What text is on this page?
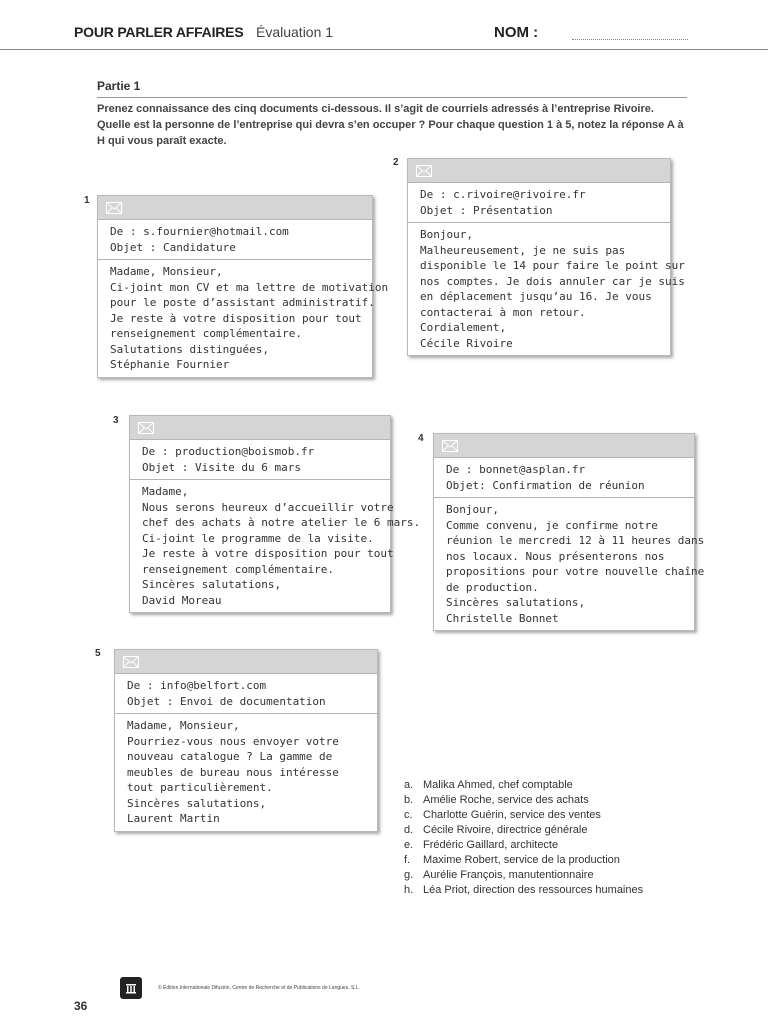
POUR PARLER AFFAIRES Évaluation 1	NOM :
Partie 1
Prenez connaissance des cinq documents ci-dessous. Il s’agit de courriels adressés à l’entreprise Rivoire. Quelle est la personne de l’entreprise qui devra s’en occuper ? Pour chaque question 1 à 5, notez la réponse A à H qui vous paraît exacte.
1
De : s.fournier@hotmail.com
Objet : Candidature
Madame, Monsieur,
Ci-joint mon CV et ma lettre de motivation
pour le poste d’assistant administratif.
Je reste à votre disposition pour tout
renseignement complémentaire.
Salutations distinguées,
Stéphanie Fournier
2
De : c.rivoire@rivoire.fr
Objet : Présentation
Bonjour,
Malheureusement, je ne suis pas
disponible le 14 pour faire le point sur
nos comptes. Je dois annuler car je suis
en déplacement jusqu’au 16. Je vous
contacterai à mon retour.
Cordialement,
Cécile Rivoire
3
De : production@boismob.fr
Objet : Visite du 6 mars
Madame,
Nous serons heureux d’accueillir votre
chef des achats à notre atelier le 6 mars.
Ci-joint le programme de la visite.
Je reste à votre disposition pour tout
renseignement complémentaire.
Sincères salutations,
David Moreau
4
De : bonnet@asplan.fr
Objet: Confirmation de réunion
Bonjour,
Comme convenu, je confirme notre
réunion le mercredi 12 à 11 heures dans
nos locaux. Nous présenterons nos
propositions pour votre nouvelle chaîne
de production.
Sincères salutations,
Christelle Bonnet
5
De : info@belfort.com
Objet : Envoi de documentation
Madame, Monsieur,
Pourriez-vous nous envoyer votre
nouveau catalogue ? La gamme de
meubles de bureau nous intéresse
tout particulièrement.
Sincères salutations,
Laurent Martin
a. Malika Ahmed, chef comptable
b. Amélie Roche, service des achats
c. Charlotte Guérin, service des ventes
d. Cécile Rivoire, directrice générale
e. Frédéric Gaillard, architecte
f. Maxime Robert, service de la production
g. Aurélie François, manutentionnaire
h. Léa Priot, direction des ressources humaines
© Édition Internationale Difusión, Centre de Recherche et de Publications de Langues, S.L.
36
